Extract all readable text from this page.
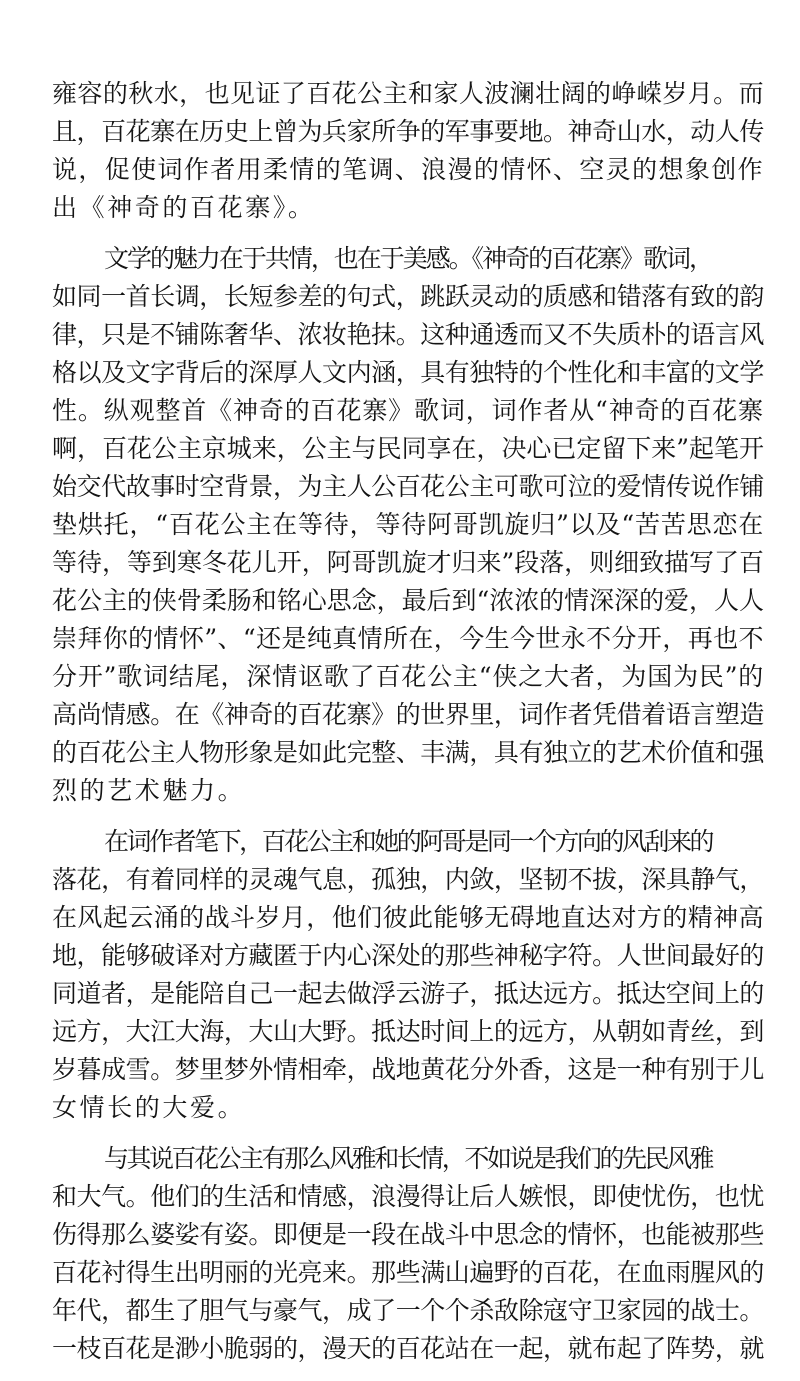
雍容的秋水，也见证了百花公主和家人波澜壮阔的峥嵘岁月。而
且，百花寨在历史上曾为兵家所争的军事要地。神奇山水，动人传
说，促使词作者用柔情的笔调、浪漫的情怀、空灵的想象创作
出《神奇的百花寨》。
文学的魅力在于共情，也在于美感。《神奇的百花寨》歌词，
如同一首长调，长短参差的句式，跳跃灵动的质感和错落有致的韵
律，只是不铺陈奢华、浓妆艳抹。这种通透而又不失质朴的语言风
格以及文字背后的深厚人文内涵，具有独特的个性化和丰富的文学
性。纵观整首《神奇的百花寨》歌词，词作者从“神奇的百花寨
啊，百花公主京城来，公主与民同享在，决心已定留下来”起笔开
始交代故事时空背景，为主人公百花公主可歌可泣的爱情传说作铺
垫烘托，“百花公主在等待，等待阿哥凯旋归”以及“苦苦思恋在
等待，等到寒冬花儿开，阿哥凯旋才归来”段落，则细致描写了百
花公主的侠骨柔肠和铭心思念，最后到“浓浓的情深深的爱，人人
崇拜你的情怀”、“还是纯真情所在，今生今世永不分开，再也不
分开”歌词结尾，深情讴歌了百花公主“侠之大者，为国为民”的
高尚情感。在《神奇的百花寨》的世界里，词作者凭借着语言塑造
的百花公主人物形象是如此完整、丰满，具有独立的艺术价值和强
烈的艺术魅力。
在词作者笔下，百花公主和她的阿哥是同一个方向的风刮来的
落花，有着同样的灵魂气息，孤独，内敛，坚韧不拔，深具静气，
在风起云涌的战斗岁月，他们彼此能够无碍地直达对方的精神高
地，能够破译对方藏匿于内心深处的那些神秘字符。人世间最好的
同道者，是能陪自己一起去做浮云游子，抵达远方。抵达空间上的
远方，大江大海，大山大野。抵达时间上的远方，从朝如青丝，到
岁暮成雪。梦里梦外情相牵，战地黄花分外香，这是一种有别于儿
女情长的大爱。
与其说百花公主有那么风雅和长情，不如说是我们的先民风雅
和大气。他们的生活和情感，浪漫得让后人嫉恨，即使忧伤，也忧
伤得那么婆娑有姿。即便是一段在战斗中思念的情怀，也能被那些
百花衬得生出明丽的光亮来。那些满山遍野的百花，在血雨腥风的
年代，都生了胆气与豪气，成了一个个杀敌除寇守卫家园的战士。
一枝百花是渺小脆弱的，漫天的百花站在一起，就布起了阵势，就
